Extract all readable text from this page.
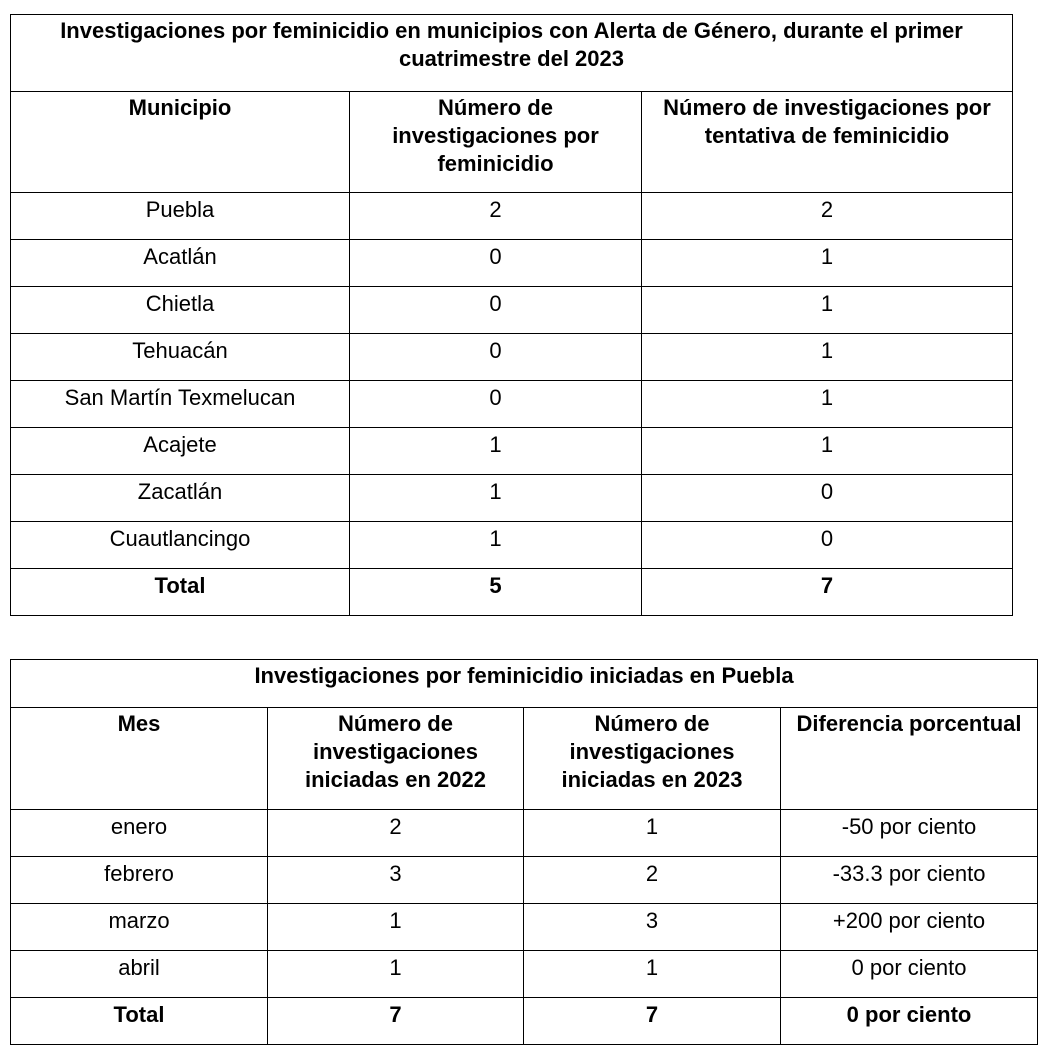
Investigaciones por feminicidio en municipios con Alerta de Género, durante el primer cuatrimestre del 2023		
Municipio	Número de investigaciones por feminicidio	Número de investigaciones por tentativa de feminicidio
Puebla	2	2
Acatlán	0	1
Chietla	0	1
Tehuacán	0	1
San Martín Texmelucan	0	1
Acajete	1	1
Zacatlán	1	0
Cuautlancingo	1	0
Total	5	7
Investigaciones por feminicidio iniciadas en Puebla			
Mes	Número de investigaciones iniciadas en 2022	Número de investigaciones iniciadas en 2023	Diferencia porcentual
enero	2	1	-50 por ciento
febrero	3	2	-33.3 por ciento
marzo	1	3	+200 por ciento
abril	1	1	0 por ciento
Total	7	7	0 por ciento
